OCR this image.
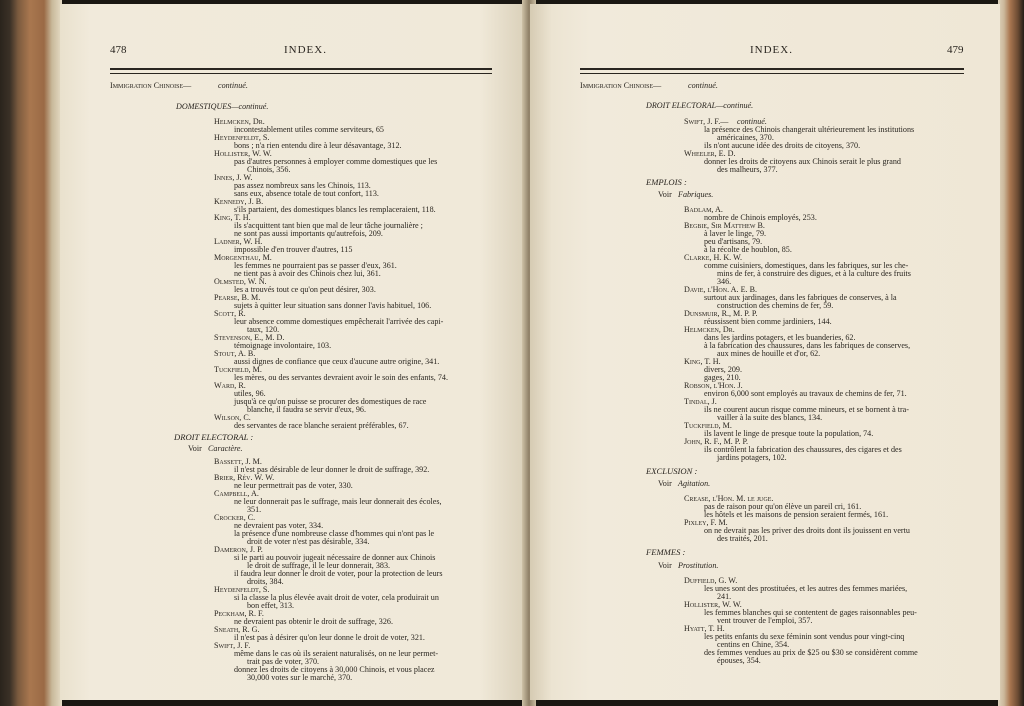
478	INDEX.
Immigration Chinoise—	continué.
DOMESTIQUES—continué.
Helmcken, Dr.
incontestablement utiles comme serviteurs, 65
Heydenfeldt, S.
bons ; n'a rien entendu dire à leur désavantage, 312.
Hollister, W. W.
pas d'autres personnes à employer comme domestiques que les
Chinois, 356.
Innes, J. W.
pas assez nombreux sans les Chinois, 113.
sans eux, absence totale de tout confort, 113.
Kennedy, J. B.
s'ils partaient, des domestiques blancs les remplaceraient, 118.
King, T. H.
ils s'acquittent tant bien que mal de leur tâche journalière ;
ne sont pas aussi importants qu'autrefois, 209.
Ladner, W. H.
impossible d'en trouver d'autres, 115
Morgenthau, M.
les femmes ne pourraient pas se passer d'eux, 361.
ne tient pas à avoir des Chinois chez lui, 361.
Olmsted, W. N.
les a trouvés tout ce qu'on peut désirer, 303.
Pearse, B. M.
sujets à quitter leur situation sans donner l'avis habituel, 106.
Scott, R.
leur absence comme domestiques empêcherait l'arrivée des capi-
taux, 120.
Stevenson, E., M. D.
témoignage involontaire, 103.
Stout, A. B.
aussi dignes de confiance que ceux d'aucune autre origine, 341.
Tuckfield, M.
les mères, ou des servantes devraient avoir le soin des enfants, 74.
Ward, R.
utiles, 96.
jusqu'à ce qu'on puisse se procurer des domestiques de race
blanche, il faudra se servir d'eux, 96.
Wilson, C.
des servantes de race blanche seraient préférables, 67.
DROIT ELECTORAL :
Voir Caractère.
Bassett, J. M.
il n'est pas désirable de leur donner le droit de suffrage, 392.
Brier, Rév. W. W.
ne leur permettrait pas de voter, 330.
Campbell, A.
ne leur donnerait pas le suffrage, mais leur donnerait des écoles,
351.
Crocker, C.
ne devraient pas voter, 334.
la présence d'une nombreuse classe d'hommes qui n'ont pas le
droit de voter n'est pas désirable, 334.
Dameron, J. P.
si le parti au pouvoir jugeait nécessaire de donner aux Chinois
le droit de suffrage, il le leur donnerait, 383.
il faudra leur donner le droit de voter, pour la protection de leurs
droits, 384.
Heydenfeldt, S.
si la classe la plus élevée avait droit de voter, cela produirait un
bon effet, 313.
Peckham, R. F.
ne devraient pas obtenir le droit de suffrage, 326.
Sneath, R. G.
il n'est pas à désirer qu'on leur donne le droit de voter, 321.
Swift, J. F.
même dans le cas où ils seraient naturalisés, on ne leur permet-
trait pas de voter, 370.
donnez les droits de citoyens à 30,000 Chinois, et vous placez
30,000 votes sur le marché, 370.
INDEX.	479
Immigration Chinoise—	continué.
DROIT ELECTORAL—continué.
Swift, J. F.— continué.
la présence des Chinois changerait ultérieurement les institutions
américaines, 370.
ils n'ont aucune idée des droits de citoyens, 370.
Wheeler, E. D.
donner les droits de citoyens aux Chinois serait le plus grand
des malheurs, 377.
EMPLOIS :
Voir Fabriques.
Badlam, A.
nombre de Chinois employés, 253.
Begbie, Sir Matthew B.
à laver le linge, 79.
peu d'artisans, 79.
à la récolte de houblon, 85.
Clarke, H. K. W.
comme cuisiniers, domestiques, dans les fabriques, sur les che-
mins de fer, à construire des digues, et à la culture des fruits
346.
Davie, l'Hon. A. E. B.
surtout aux jardinages, dans les fabriques de conserves, à la
construction des chemins de fer, 59.
Dunsmuir, R., M. P. P.
réussissent bien comme jardiniers, 144.
Helmcken, Dr.
dans les jardins potagers, et les buanderies, 62.
à la fabrication des chaussures, dans les fabriques de conserves,
aux mines de houille et d'or, 62.
King, T. H.
divers, 209.
gages, 210.
Robson, l'Hon. J.
environ 6,000 sont employés au travaux de chemins de fer, 71.
Tindal, J.
ils ne courent aucun risque comme mineurs, et se bornent à tra-
vailler à la suite des blancs, 134.
Tuckfield, M.
ils lavent le linge de presque toute la population, 74.
John, R. F., M. P. P.
ils contrôlent la fabrication des chaussures, des cigares et des
jardins potagers, 102.
EXCLUSION :
Voir Agitation.
Crease, l'Hon. M. le juge.
pas de raison pour qu'on élève un pareil cri, 161.
les hôtels et les maisons de pension seraient fermés, 161.
Pixley, F. M.
on ne devrait pas les priver des droits dont ils jouissent en vertu
des traités, 201.
FEMMES :
Voir Prostitution.
Duffield, G. W.
les unes sont des prostituées, et les autres des femmes mariées,
241.
Hollister, W. W.
les femmes blanches qui se contentent de gages raisonnables peu-
vent trouver de l'emploi, 357.
Hyatt, T. H.
les petits enfants du sexe féminin sont vendus pour vingt-cinq
centins en Chine, 354.
des femmes vendues au prix de $25 ou $30 se considèrent comme
épouses, 354.
